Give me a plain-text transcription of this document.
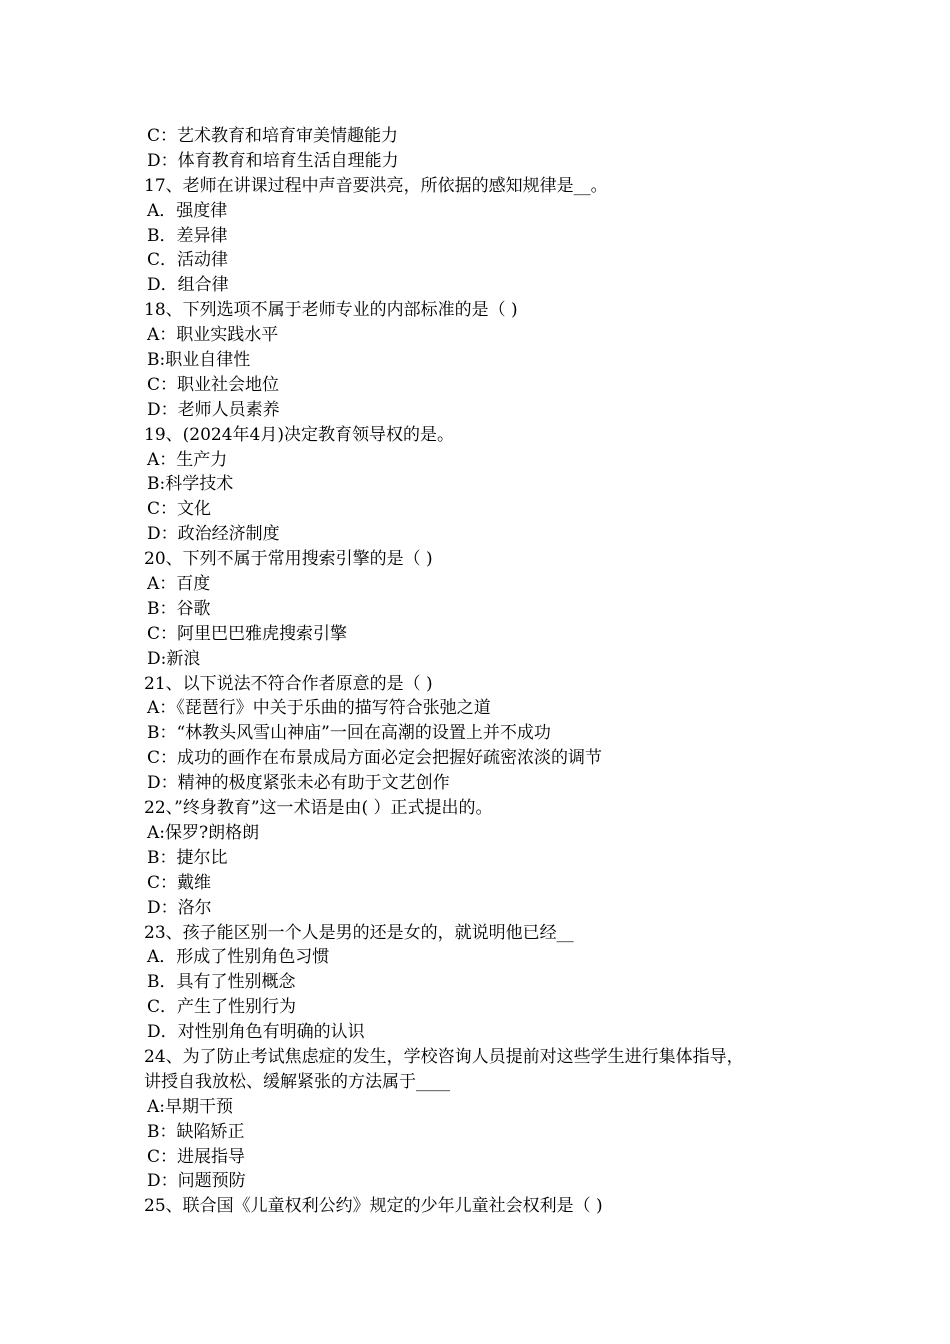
C：艺术教育和培育审美情趣能力
D：体育教育和培育生活自理能力
17、老师在讲课过程中声音要洪亮，所依据的感知规律是__。
A．强度律
B．差异律
C．活动律
D．组合律
18、下列选项不属于老师专业的内部标准的是（ )
A：职业实践水平
B:职业自律性
C：职业社会地位
D：老师人员素养
19、(2024年4月)决定教育领导权的是。
A：生产力
B:科学技术
C：文化
D：政治经济制度
20、下列不属于常用搜索引擎的是（ )
A：百度
B：谷歌
C：阿里巴巴雅虎搜索引擎
D:新浪
21、以下说法不符合作者原意的是（ )
A：《琵琶行》中关于乐曲的描写符合张弛之道
B：“林教头风雪山神庙”一回在高潮的设置上并不成功
C：成功的画作在布景成局方面必定会把握好疏密浓淡的调节
D：精神的极度紧张未必有助于文艺创作
22、”终身教育”这一术语是由( ）正式提出的。
A:保罗?朗格朗
B：捷尔比
C：戴维
D：洛尔
23、孩子能区别一个人是男的还是女的，就说明他已经__
A．形成了性别角色习惯
B．具有了性别概念
C．产生了性别行为
D．对性别角色有明确的认识
24、为了防止考试焦虑症的发生，学校咨询人员提前对这些学生进行集体指导，
讲授自我放松、缓解紧张的方法属于____
A:早期干预
B：缺陷矫正
C：进展指导
D：问题预防
25、联合国《儿童权利公约》规定的少年儿童社会权利是（ )
